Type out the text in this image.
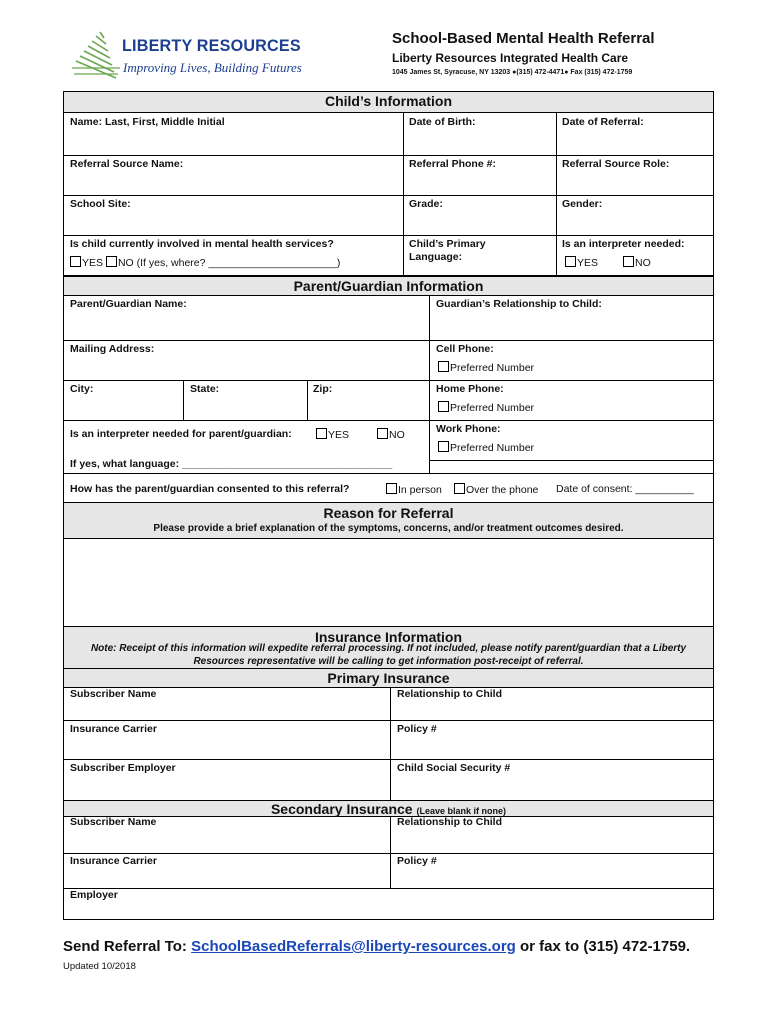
LIBERTY RESOURCES
Improving Lives, Building Futures
School-Based Mental Health Referral
Liberty Resources Integrated Health Care
1045 James St, Syracuse, NY 13203 ●(315) 472-4471● Fax (315) 472-1759
Child’s Information
Name: Last, First, Middle Initial	Date of Birth:	Date of Referral:
Referral Source Name:	Referral Phone #:	Referral Source Role:
School Site:	Grade:	Gender:
Is child currently involved in mental health services?
YES NO (If yes, where? ______________________)
Child’s Primary Language:
Is an interpreter needed:
YES	NO
Parent/Guardian Information
Parent/Guardian Name:	Guardian’s Relationship to Child:
Mailing Address:	Cell Phone:
Preferred Number
City:	State:	Zip:	Home Phone:
Preferred Number
Is an interpreter needed for parent/guardian:	YES	NO
If yes, what language: ____________________________________
Work Phone:
Preferred Number
How has the parent/guardian consented to this referral?	In person	Over the phone Date of consent: __________
Reason for Referral
Please provide a brief explanation of the symptoms, concerns, and/or treatment outcomes desired.
Insurance Information
Note: Receipt of this information will expedite referral processing. If not included, please notify parent/guardian that a Liberty Resources representative will be calling to get information post-receipt of referral.
Primary Insurance
Subscriber Name	Relationship to Child
Insurance Carrier	Policy #
Subscriber Employer	Child Social Security #
Secondary Insurance (Leave blank if none)
Subscriber Name	Relationship to Child
Insurance Carrier	Policy #
Employer
Send Referral To: SchoolBasedReferrals@liberty-resources.org or fax to (315) 472-1759.
Updated 10/2018
